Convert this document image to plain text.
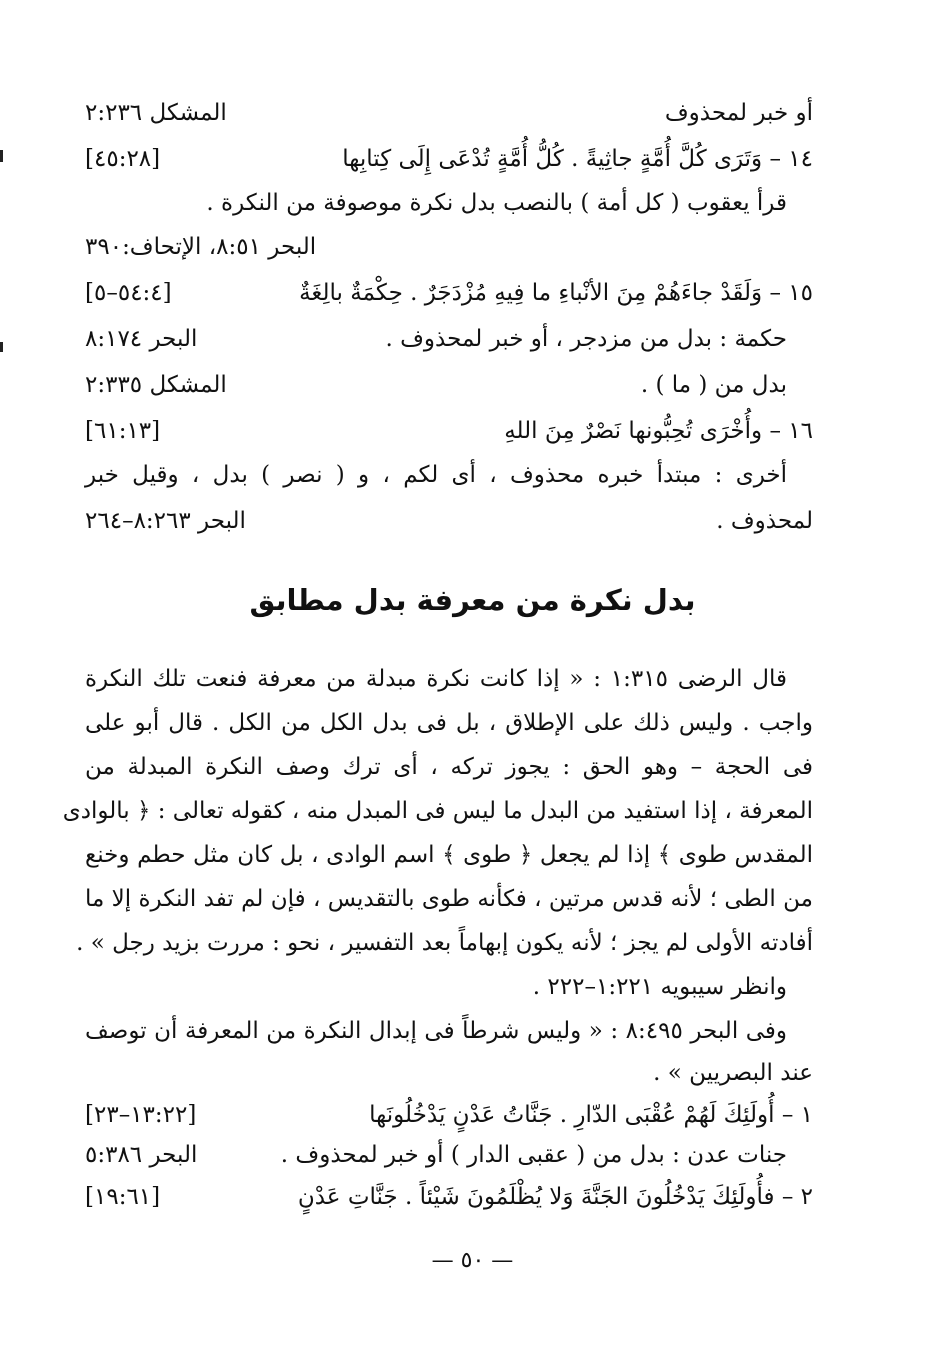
أو خبر لمحذوف
المشكل ٢:٢٣٦
١٤ – وَتَرَى كُلَّ أُمَّةٍ جاثِيةً . كُلُّ أُمَّةٍ تُدْعَى إِلَى كِتابِها
[٤٥:٢٨]
قرأ يعقوب ( كل أمة ) بالنصب بدل نكرة موصوفة من النكرة .
البحر ٨:٥١، الإتحاف:٣٩٠
١٥ – وَلَقَدْ جاءَهُمْ مِنَ الأنْباءِ ما فِيهِ مُزْدَجَرٌ . حِكْمَةٌ بالِغَةٌ
[٥٤:٤–٥]
حكمة : بدل من مزدجر ، أو خبر لمحذوف .
البحر ٨:١٧٤
بدل من ( ما ) .
المشكل ٢:٣٣٥
١٦ – وأُخْرَى تُحِبُّونها نَصْرٌ مِنَ اللهِ
[٦١:١٣]
أخرى : مبتدأ خبره محذوف ، أى لكم ، و ( نصر ) بدل ، وقيل خبر
لمحذوف .
البحر ٨:٢٦٣–٢٦٤
بدل نكرة من معرفة بدل مطابق
قال الرضى ١:٣١٥ : « إذا كانت نكرة مبدلة من معرفة فنعت تلك النكرة
واجب . وليس ذلك على الإطلاق ، بل فى بدل الكل من الكل . قال أبو على
فى الحجة – وهو الحق : يجوز تركه ، أى ترك وصف النكرة المبدلة من
المعرفة ، إذا استفيد من البدل ما ليس فى المبدل منه ، كقوله تعالى : ﴿ بالوادى
المقدس طوى ﴾ إذا لم يجعل ﴿ طوى ﴾ اسم الوادى ، بل كان مثل حطم وخنع
من الطى ؛ لأنه قدس مرتين ، فكأنه طوى بالتقديس ، فإن لم تفد النكرة إلا ما
أفادته الأولى لم يجز ؛ لأنه يكون إبهاماً بعد التفسير ، نحو : مررت بزيد رجل » .
وانظر سيبويه ١:٢٢١–٢٢٢ .
وفى البحر ٨:٤٩٥ : « وليس شرطاً فى إبدال النكرة من المعرفة أن توصف
عند البصريين » .
١ – أُولَئِكَ لَهُمْ عُقْبَى الدّارِ . جَنَّاتُ عَدْنٍ يَدْخُلُونَها
[١٣:٢٢–٢٣]
جنات عدن : بدل من ( عقبى الدار ) أو خبر لمحذوف .
البحر ٥:٣٨٦
٢ – فأُولَئِكَ يَدْخُلُونَ الجَنَّةَ وَلا يُظْلَمُونَ شَيْئاً . جَنَّاتِ عَدْنٍ
[١٩:٦١]
— ٥٠ —
